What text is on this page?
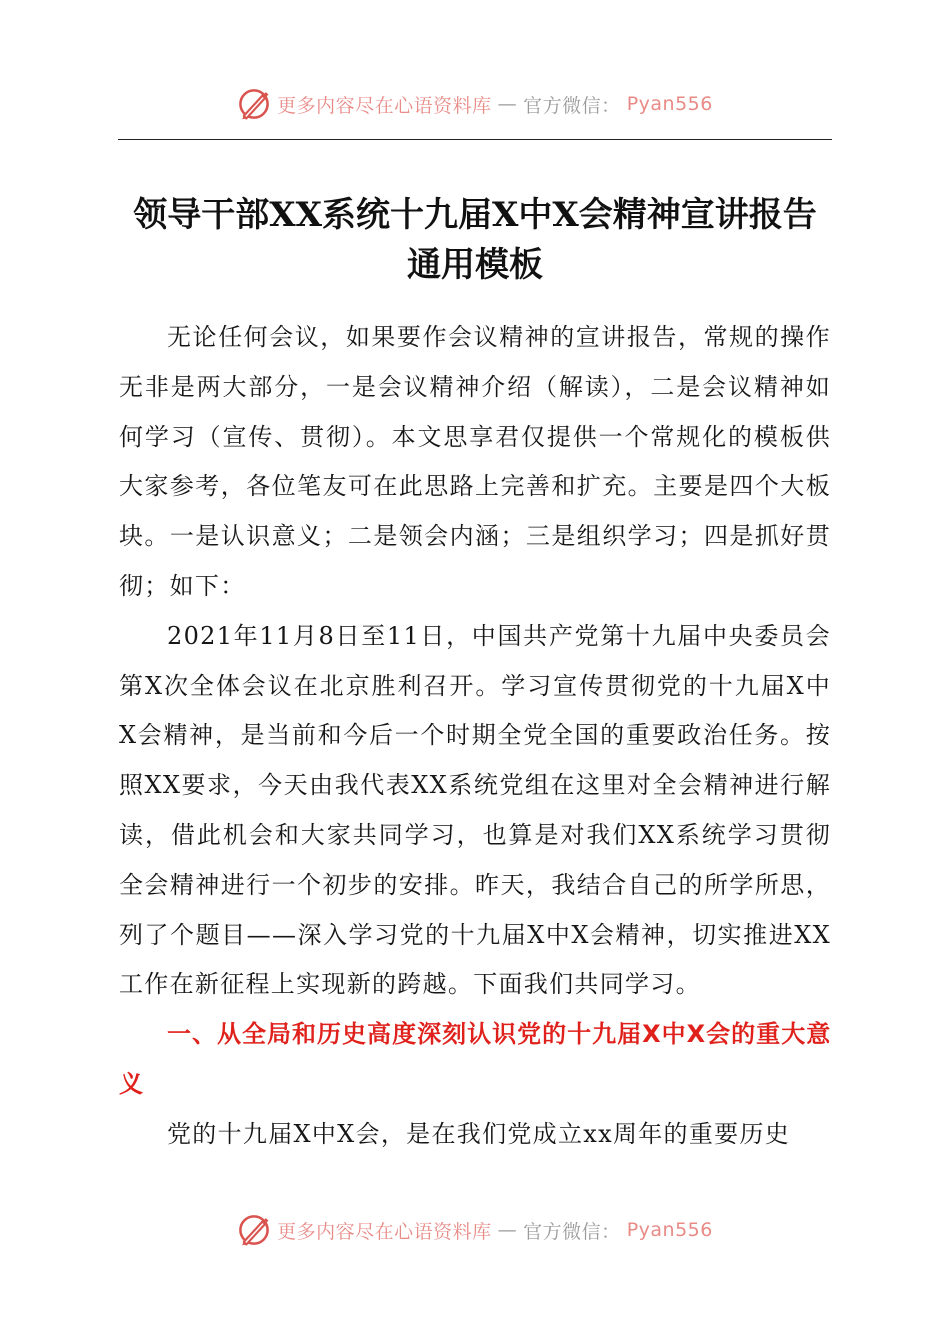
更多内容尽在心语资料库 — 官方微信： Pyan556
领导干部XX系统十九届X中X会精神宣讲报告通用模板

无论任何会议，如果要作会议精神的宣讲报告，常规的操作无非是两大部分，一是会议精神介绍（解读），二是会议精神如何学习（宣传、贯彻）。本文思享君仅提供一个常规化的模板供大家参考，各位笔友可在此思路上完善和扩充。主要是四个大板块。一是认识意义；二是领会内涵；三是组织学习；四是抓好贯彻；如下：

2021年11月8日至11日，中国共产党第十九届中央委员会第X次全体会议在北京胜利召开。学习宣传贯彻党的十九届X中X会精神，是当前和今后一个时期全党全国的重要政治任务。按照XX要求，今天由我代表XX系统党组在这里对全会精神进行解读，借此机会和大家共同学习，也算是对我们XX系统学习贯彻全会精神进行一个初步的安排。昨天，我结合自己的所学所思，列了个题目——深入学习党的十九届X中X会精神，切实推进XX工作在新征程上实现新的跨越。下面我们共同学习。

一、从全局和历史高度深刻认识党的十九届X中X会的重大意义

党的十九届X中X会，是在我们党成立xx周年的重要历史

更多内容尽在心语资料库 — 官方微信： Pyan556
